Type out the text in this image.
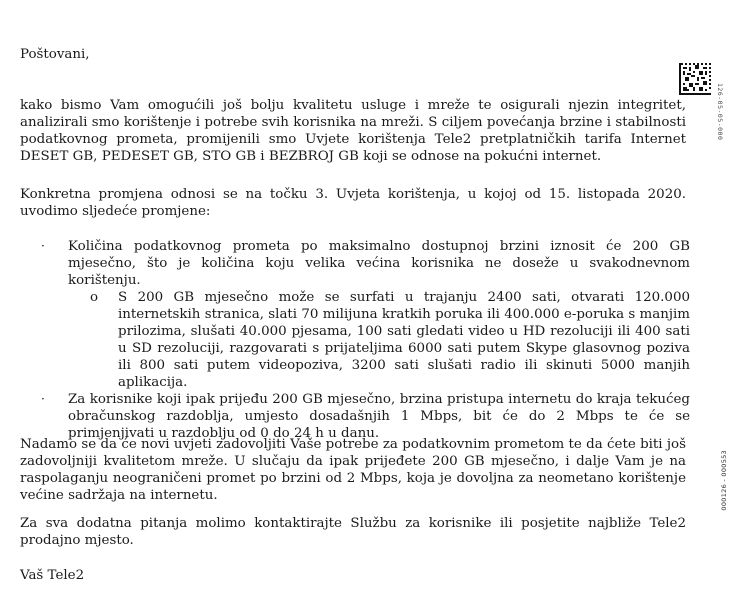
Poštovani,

kako bismo Vam omogućili još bolju kvalitetu usluge i mreže te osigurali njezin integritet, analizirali smo korištenje i potrebe svih korisnika na mreži. S ciljem povećanja brzine i stabilnosti podatkovnog prometa, promijenili smo Uvjete korištenja Tele2 pretplatničkih tarifa Internet DESET GB, PEDESET GB, STO GB i BEZBROJ GB koji se odnose na pokućni internet.

Konkretna promjena odnosi se na točku 3. Uvjeta korištenja, u kojoj od 15. listopada 2020. uvodimo sljedeće promjene:

· Količina podatkovnog prometa po maksimalno dostupnoj brzini iznosit će 200 GB mjesečno, što je količina koju velika većina korisnika ne doseže u svakodnevnom korištenju.
o S 200 GB mjesečno može se surfati u trajanju 2400 sati, otvarati 120.000 internetskih stranica, slati 70 milijuna kratkih poruka ili 400.000 e-poruka s manjim prilozima, slušati 40.000 pjesama, 100 sati gledati video u HD rezoluciji ili 400 sati u SD rezoluciji, razgovarati s prijateljima 6000 sati putem Skype glasovnog poziva ili 800 sati putem videopoziva, 3200 sati slušati radio ili skinuti 5000 manjih aplikacija.
· Za korisnike koji ipak prijeđu 200 GB mjesečno, brzina pristupa internetu do kraja tekućeg obračunskog razdoblja, umjesto dosadašnjih 1 Mbps, bit će do 2 Mbps te će se primjenjivati u razdoblju od 0 do 24 h u danu.

Nadamo se da će novi uvjeti zadovoljiti Vaše potrebe za podatkovnim prometom te da ćete biti još zadovoljniji kvalitetom mreže. U slučaju da ipak prijeđete 200 GB mjesečno, i dalje Vam je na raspolaganju neograničeni promet po brzini od 2 Mbps, koja je dovoljna za neometano korištenje većine sadržaja na internetu.

Za sva dodatna pitanja molimo kontaktirajte Službu za korisnike ili posjetite najbliže Tele2 prodajno mjesto.

Vaš Tele2

126-05-05-000
000126 - 000553
